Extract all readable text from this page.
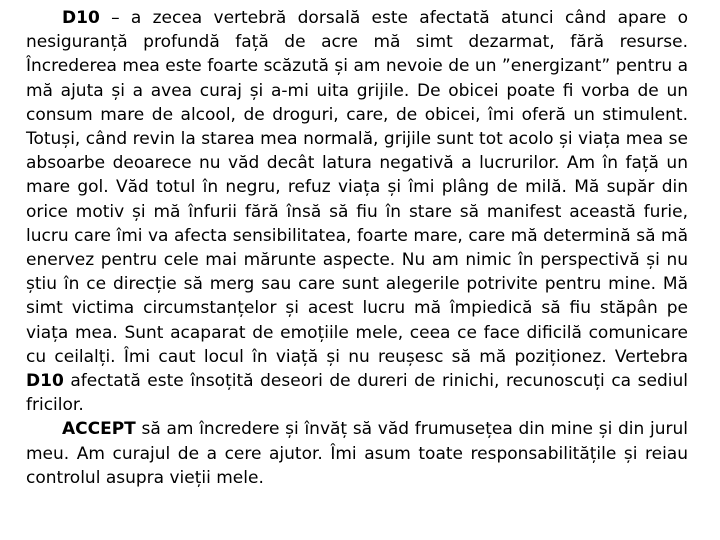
D10 – a zecea vertebră dorsală este afectată atunci când apare o nesiguranță profundă față de acre mă simt dezarmat, fără resurse. Încrederea mea este foarte scăzută și am nevoie de un ”energizant” pentru a mă ajuta și a avea curaj și a-mi uita grijile. De obicei poate fi vorba de un consum mare de alcool, de droguri, care, de obicei, îmi oferă un stimulent. Totuși, când revin la starea mea normală, grijile sunt tot acolo și viața mea se absoarbe deoarece nu văd decât latura negativă a lucrurilor. Am în față un mare gol. Văd totul în negru, refuz viața și îmi plâng de milă. Mă supăr din orice motiv și mă înfurii fără însă să fiu în stare să manifest această furie, lucru care îmi va afecta sensibilitatea, foarte mare, care mă determină să mă enervez pentru cele mai mărunte aspecte. Nu am nimic în perspectivă și nu știu în ce direcție să merg sau care sunt alegerile potrivite pentru mine. Mă simt victima circumstanțelor și acest lucru mă împiedică să fiu stăpân pe viața mea. Sunt acaparat de emoțiile mele, ceea ce face dificilă comunicare cu ceilalți. Îmi caut locul în viață și nu reușesc să mă poziționez. Vertebra D10 afectată este însoțită deseori de dureri de rinichi, recunoscuți ca sediul fricilor.

ACCEPT să am încredere și învăț să văd frumusețea din mine și din jurul meu. Am curajul de a cere ajutor. Îmi asum toate responsabilitățile și reiau controlul asupra vieții mele.
